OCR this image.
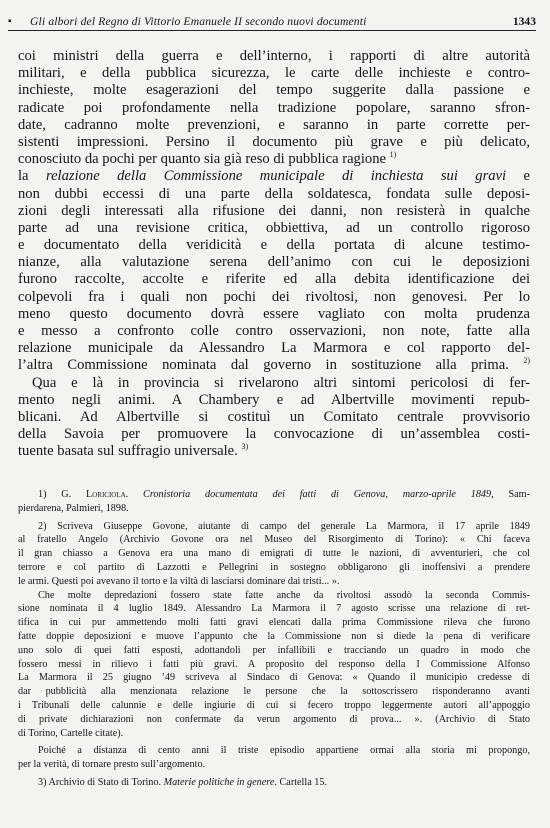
▪ Gli albori del Regno di Vittorio Emanuele II secondo nuovi documenti	1343
coi ministri della guerra e dell’interno, i rapporti di altre autorità
militari, e della pubblica sicurezza, le carte delle inchieste e contro-
inchieste, molte esagerazioni del tempo suggerite dalla passione e
radicate poi profondamente nella tradizione popolare, saranno sfron-
date, cadranno molte prevenzioni, e saranno in parte corrette per-
sistenti impressioni. Persino il documento più grave e più delicato,
conosciuto da pochi per quanto sia già reso di pubblica ragione $^{1)}$
la relazione della Commissione municipale di inchiesta sui gravi e
non dubbi eccessi di una parte della soldatesca, fondata sulle deposi-
zioni degli interessati alla rifusione dei danni, non resisterà in qualche
parte ad una revisione critica, obbiettiva, ad un controllo rigoroso
e documentato della veridicità e della portata di alcune testimo-
nianze, alla valutazione serena dell’animo con cui le deposizioni
furono raccolte, accolte e riferite ed alla debita identificazione dei
colpevoli fra i quali non pochi dei rivoltosi, non genovesi. Per lo
meno questo documento dovrà essere vagliato con molta prudenza
e messo a confronto colle contro osservazioni, non note, fatte alla
relazione municipale da Alessandro La Marmora e col rapporto del-
l’altra Commissione nominata dal governo in sostituzione alla prima. $^{2)}$
Qua e là in provincia si rivelarono altri sintomi pericolosi di fer-
mento negli animi. A Chambery e ad Albertville movimenti repub-
blicani. Ad Albertville si costituì un Comitato centrale provvisorio
della Savoia per promuovere la convocazione di un’assemblea costi-
tuente basata sul suffragio universale. $^{3)}$
1) G. Loriciola. Cronistoria documentata dei fatti di Genova, marzo-aprile 1849, Sam-
pierdarena, Palmieri, 1898.
2) Scriveva Giuseppe Govone, aiutante di campo del generale La Marmora, il 17 aprile 1849
al fratello Angelo (Archivio Govone ora nel Museo del Risorgimento di Torino): « Chi faceva
il gran chiasso a Genova era una mano di emigrati di tutte le nazioni, di avventurieri, che col
terrore e col partito di Lazzotti e Pellegrini in sostegno obbligarono gli inoffensivi a prendere
le armi. Questi poi avevano il torto e la viltà di lasciarsi dominare dai tristi... ».
Che molte depredazioni fossero state fatte anche da rivoltosi assodò la seconda Commis-
sione nominata il 4 luglio 1849. Alessandro La Marmora il 7 agosto scrisse una relazione di ret-
tifica in cui pur ammettendo molti fatti gravi elencati dalla prima Commissione rileva che furono
fatte doppie deposizioni e muove l’appunto che la Commissione non si diede la pena di verificare
uno solo di quei fatti esposti, adottandoli per infallibili e tracciando un quadro in modo che
fossero messi in rilievo i fatti più gravi. A proposito del responso della I Commissione Alfonso
La Marmora il 25 giugno ’49 scriveva al Sindaco di Genova: « Quando il municipio credesse di
dar pubblicità alla menzionata relazione le persone che la sottoscrissero risponderanno avanti
i Tribunali delle calunnie e delle ingiurie di cui si fecero troppo leggermente autori all’appoggio
di private dichiarazioni non confermate da verun argomento di prova... ». (Archivio di Stato
di Torino, Cartelle citate).
Poiché a distanza di cento anni il triste episodio appartiene ormai alla storia mi propongo,
per la verità, di tornare presto sull’argomento.
3) Archivio di Stato di Torino. Materie politiche in genere. Cartella 15.
